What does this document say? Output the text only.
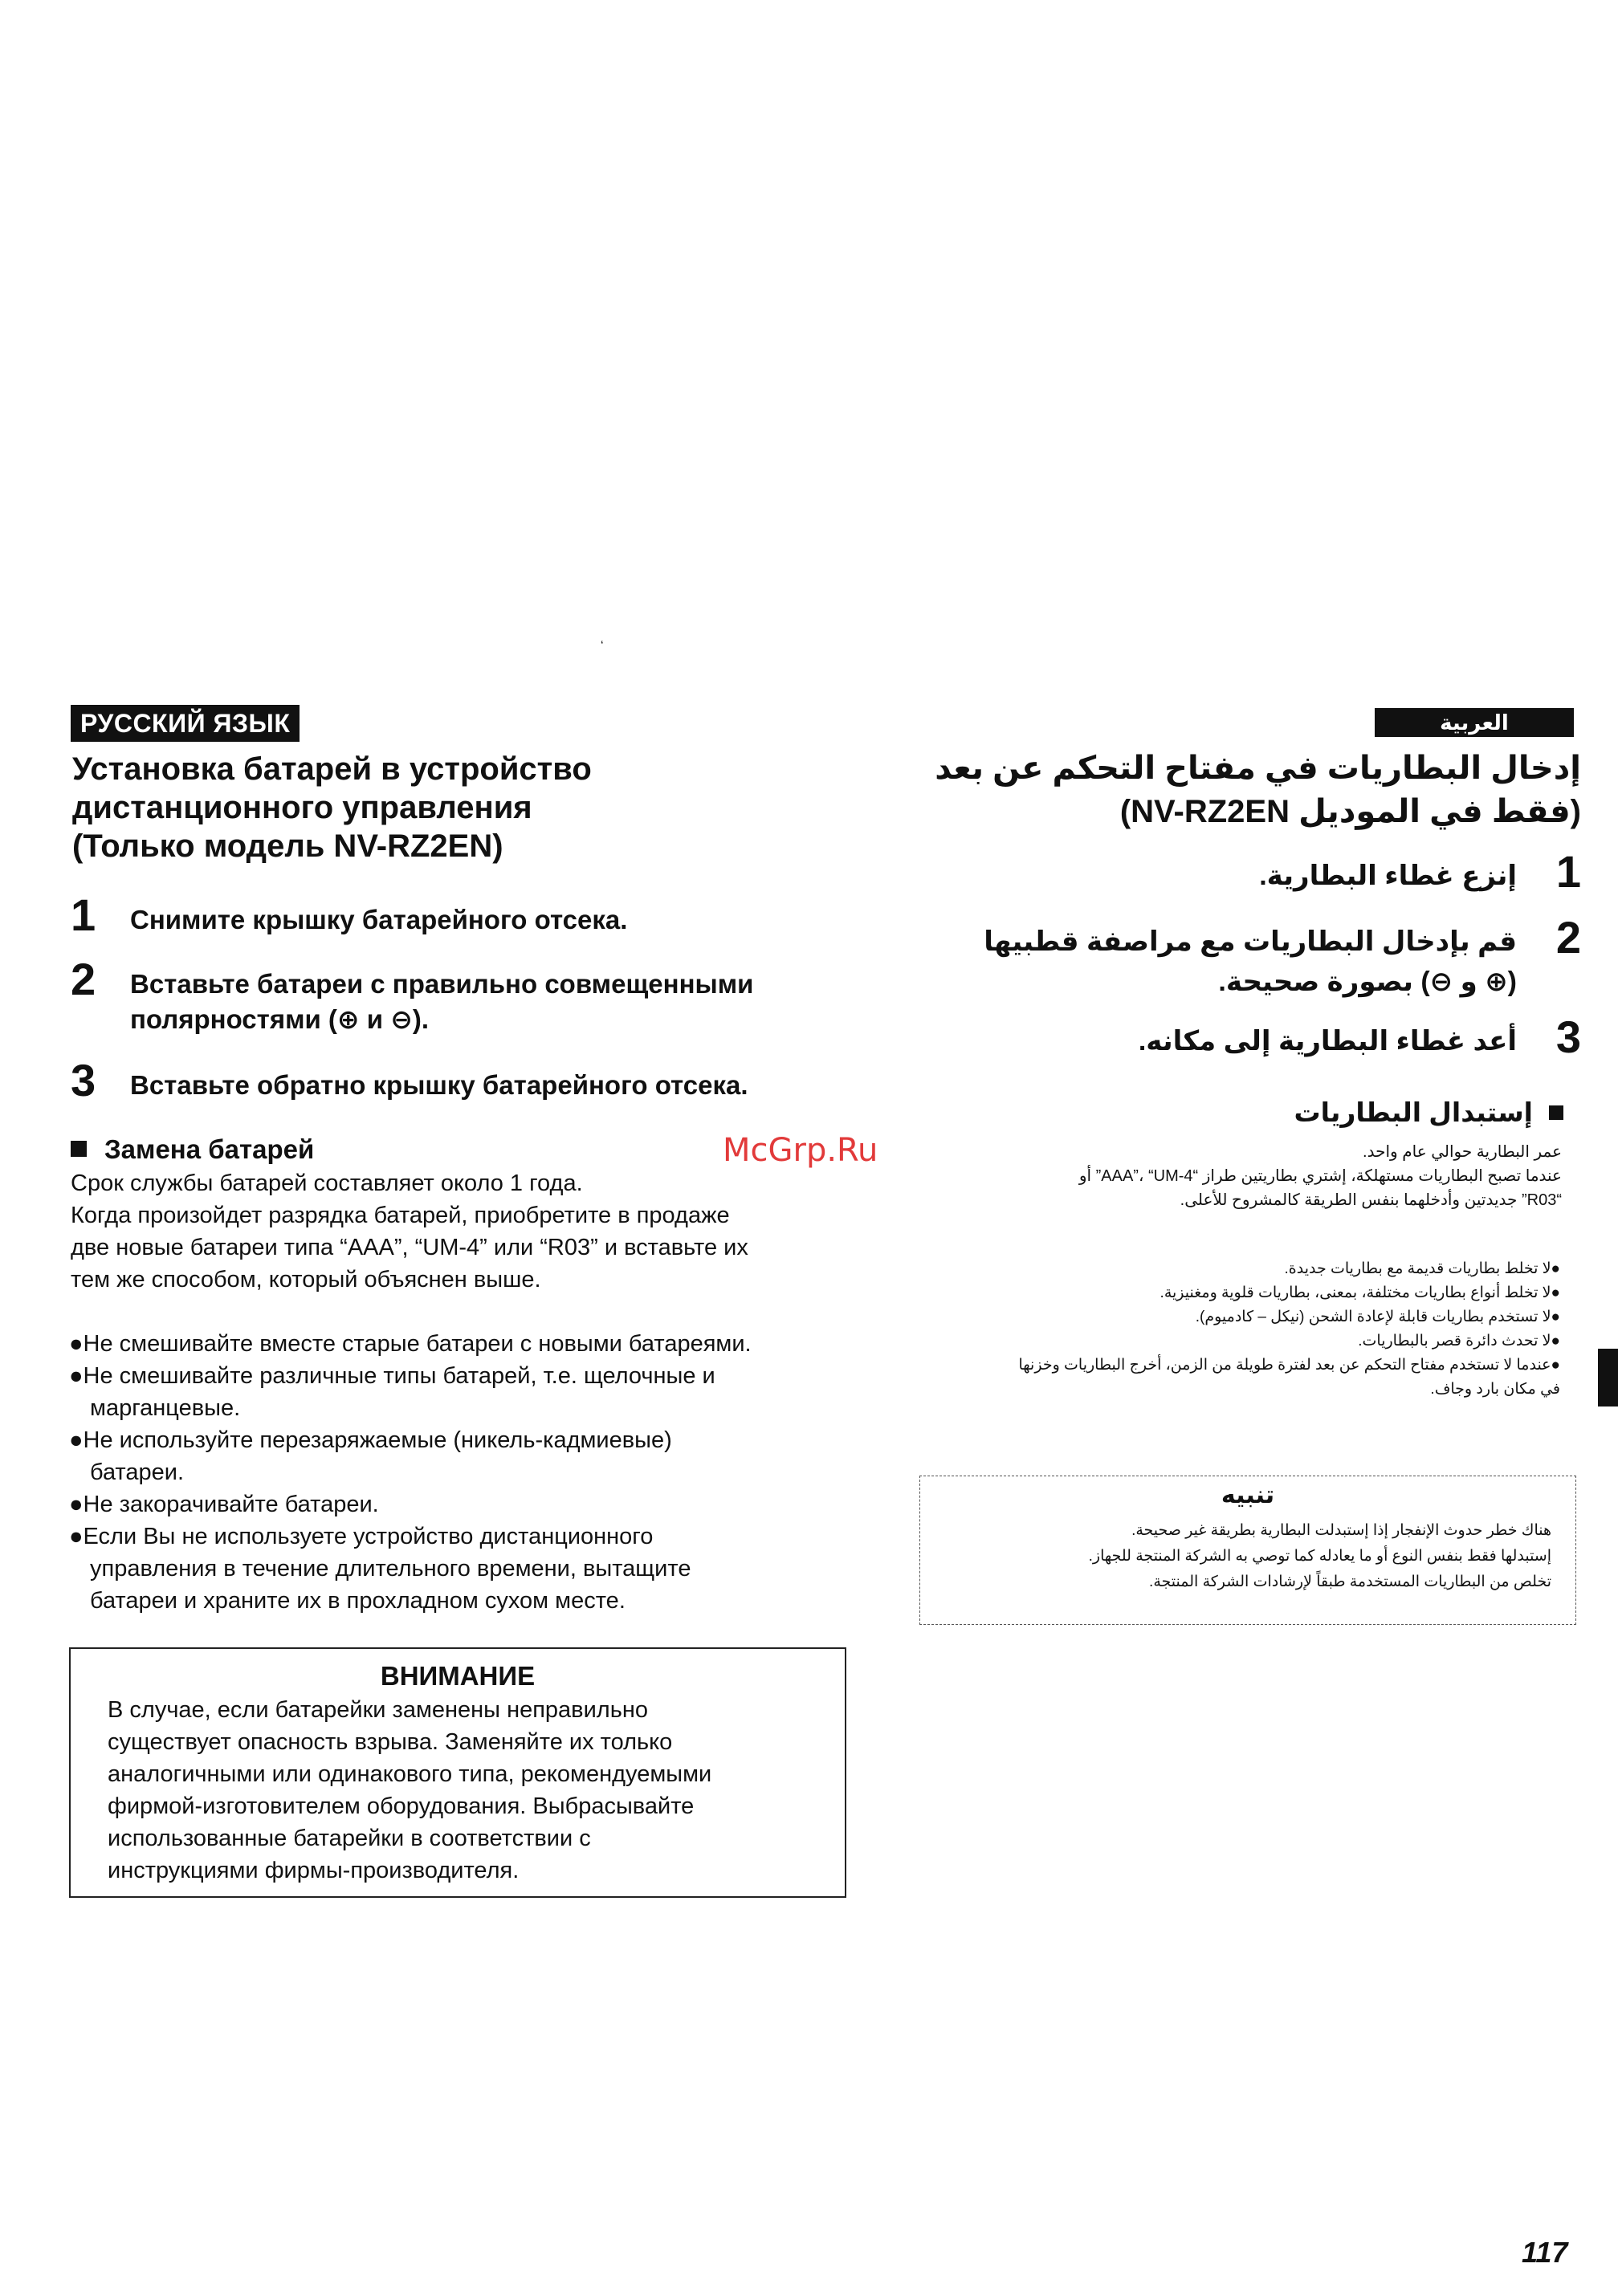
‘
РУССКИЙ ЯЗЫК
Установка батарей в устройство
дистанционного управления
(Только модель NV-RZ2EN)
1 Снимите крышку батарейного отсека.
2 Вставьте батареи с правильно совмещенными
полярностями (⊕ и ⊖).
3 Вставьте обратно крышку батарейного отсека.
Замена батарей
Срок службы батарей составляет около 1 года.
Когда произойдет разрядка батарей, приобретите в продаже
две новые батареи типа “AAA”, “UM-4” или “R03” и вставьте их
тем же способом, который объяснен выше.
●Не смешивайте вместе старые батареи с новыми батареями.
●Не смешивайте различные типы батарей, т.е. щелочные и
марганцевые.
●Не используйте перезаряжаемые (никель-кадмиевые)
батареи.
●Не закорачивайте батареи.
●Если Вы не используете устройство дистанционного
управления в течение длительного времени, вытащите
батареи и храните их в прохладном сухом месте.
ВНИМАНИЕ
В случае, если батарейки заменены неправильно
существует опасность взрыва. Заменяйте их только
аналогичными или одинакового типа, рекомендуемыми
фирмой-изготовителем оборудования. Выбрасывайте
использованные батарейки в соответствии с
инструкциями фирмы-производителя.
McGrp.Ru
العربية
إدخال البطاريات في مفتاح التحكم عن بعد
(فقط في الموديل NV-RZ2EN)
1
إنزع غطاء البطارية.
2
قم بإدخال البطاريات مع مراصفة قطبيها
(⊕ و ⊖) بصورة صحيحة.
3
أعد غطاء البطارية إلى مكانه.
إستبدال البطاريات
عمر البطارية حوالي عام واحد.
عندما تصبح البطاريات مستهلكة، إشتري بطاريتين طراز “AAA”، “UM-4” أو
“R03” جديدتين وأدخلهما بنفس الطريقة كالمشروح للأعلى.
●لا تخلط بطاريات قديمة مع بطاريات جديدة.
●لا تخلط أنواع بطاريات مختلفة، بمعنى، بطاريات قلوية ومغنيزية.
●لا تستخدم بطاريات قابلة لإعادة الشحن (نيكل – كادميوم).
●لا تحدث دائرة قصر بالبطاريات.
●عندما لا تستخدم مفتاح التحكم عن بعد لفترة طويلة من الزمن، أخرج البطاريات وخزنها
في مكان بارد وجاف.
تنبيه
هناك خطر حدوث الإنفجار إذا إستبدلت البطارية بطريقة غير صحيحة.
إستبدلها فقط بنفس النوع أو ما يعادله كما توصي به الشركة المنتجة للجهاز.
تخلص من البطاريات المستخدمة طبقاً لإرشادات الشركة المنتجة.
117
